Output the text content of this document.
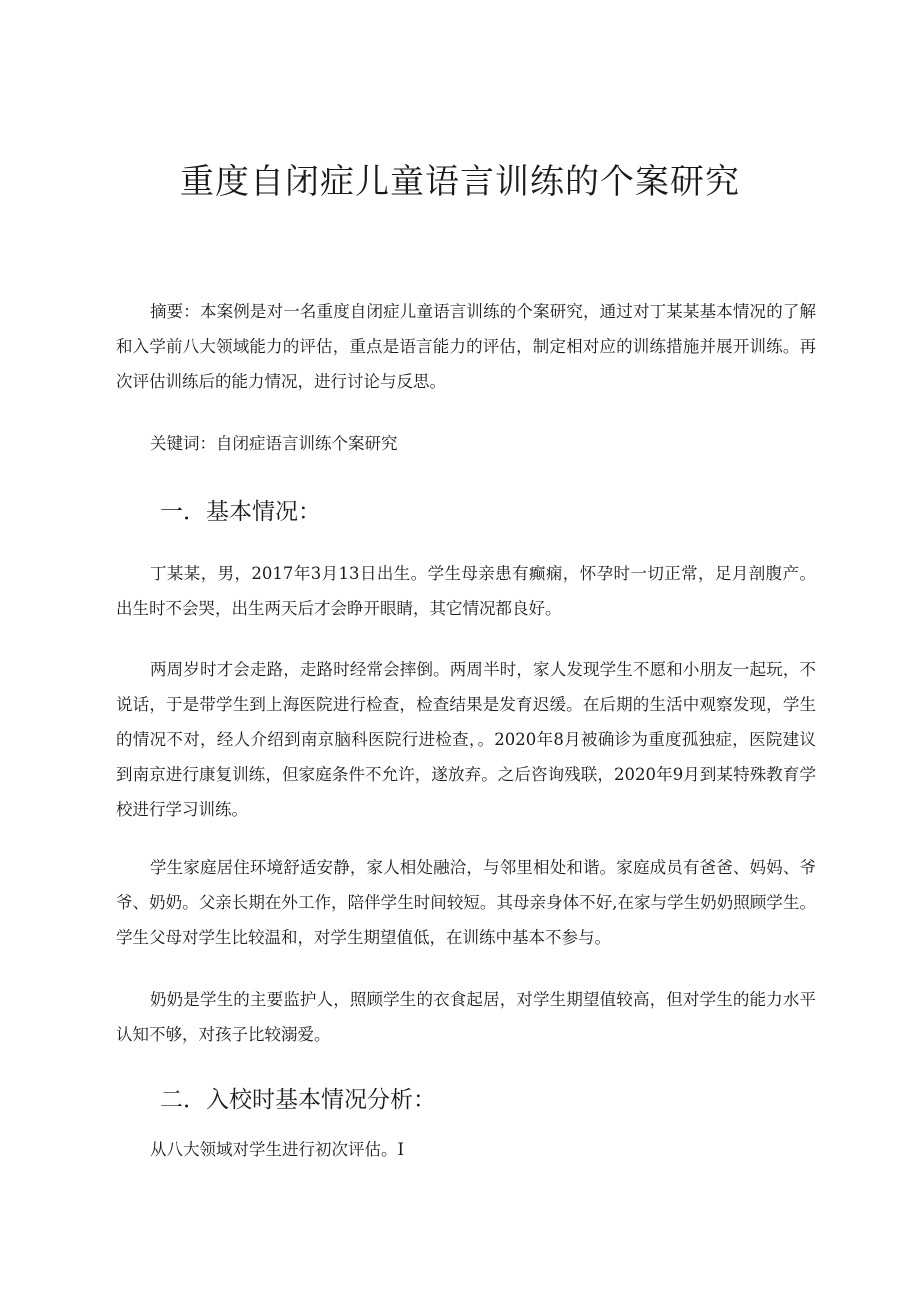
重度自闭症儿童语言训练的个案研究

摘要：本案例是对一名重度自闭症儿童语言训练的个案研究，通过对丁某某基本情况的了解和入学前八大领域能力的评估，重点是语言能力的评估，制定相对应的训练措施并展开训练。再次评估训练后的能力情况，进行讨论与反思。

关键词：自闭症语言训练个案研究

一．基本情况：

丁某某，男，2017年3月13日出生。学生母亲患有癫痫，怀孕时一切正常，足月剖腹产。出生时不会哭，出生两天后才会睁开眼睛，其它情况都良好。

两周岁时才会走路，走路时经常会摔倒。两周半时，家人发现学生不愿和小朋友一起玩，不说话，于是带学生到上海医院进行检查，检查结果是发育迟缓。在后期的生活中观察发现，学生的情况不对，经人介绍到南京脑科医院行进检查，。2020年8月被确诊为重度孤独症，医院建议到南京进行康复训练，但家庭条件不允许，遂放弃。之后咨询残联，2020年9月到某特殊教育学校进行学习训练。

学生家庭居住环境舒适安静，家人相处融洽，与邻里相处和谐。家庭成员有爸爸、妈妈、爷爷、奶奶。父亲长期在外工作，陪伴学生时间较短。其母亲身体不好,在家与学生奶奶照顾学生。学生父母对学生比较温和，对学生期望值低，在训练中基本不参与。

奶奶是学生的主要监护人，照顾学生的衣食起居，对学生期望值较高，但对学生的能力水平认知不够，对孩子比较溺爱。

二．入校时基本情况分析：

从八大领域对学生进行初次评估。I
